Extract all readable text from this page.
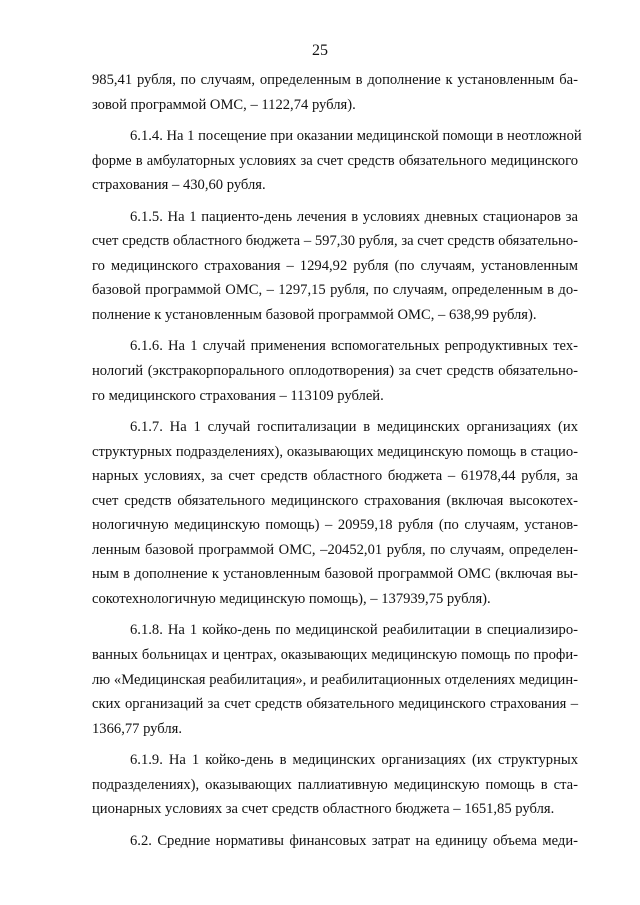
25

985,41 рубля, по случаям, определенным в дополнение к установленным ба-
зовой программой ОМС, – 1122,74 рубля).

6.1.4. На 1 посещение при оказании медицинской помощи в неотложной
форме в амбулаторных условиях за счет средств обязательного медицинского
страхования – 430,60 рубля.

6.1.5. На 1 пациенто-день лечения в условиях дневных стационаров за
счет средств областного бюджета – 597,30 рубля, за счет средств обязательно-
го медицинского страхования – 1294,92 рубля (по случаям, установленным
базовой программой ОМС, – 1297,15 рубля, по случаям, определенным в до-
полнение к установленным базовой программой ОМС, – 638,99 рубля).

6.1.6. На 1 случай применения вспомогательных репродуктивных тех-
нологий (экстракорпорального оплодотворения) за счет средств обязательно-
го медицинского страхования – 113109 рублей.

6.1.7. На 1 случай госпитализации в медицинских организациях (их
структурных подразделениях), оказывающих медицинскую помощь в стацио-
нарных условиях, за счет средств областного бюджета – 61978,44 рубля, за
счет средств обязательного медицинского страхования (включая высокотех-
нологичную медицинскую помощь) – 20959,18 рубля (по случаям, установ-
ленным базовой программой ОМС, –20452,01 рубля, по случаям, определен-
ным в дополнение к установленным базовой программой ОМС (включая вы-
сокотехнологичную медицинскую помощь), – 137939,75 рубля).

6.1.8. На 1 койко-день по медицинской реабилитации в специализиро-
ванных больницах и центрах, оказывающих медицинскую помощь по профи-
лю «Медицинская реабилитация», и реабилитационных отделениях медицин-
ских организаций за счет средств обязательного медицинского страхования –
1366,77 рубля.

6.1.9. На 1 койко-день в медицинских организациях (их структурных
подразделениях), оказывающих паллиативную медицинскую помощь в ста-
ционарных условиях за счет средств областного бюджета – 1651,85 рубля.

6.2. Средние нормативы финансовых затрат на единицу объема меди-
